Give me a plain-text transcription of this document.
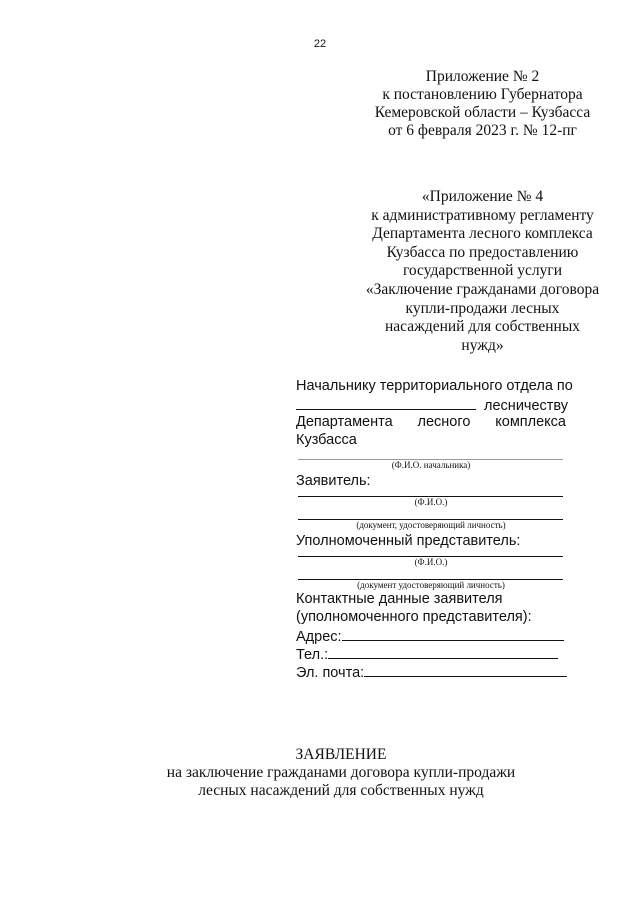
22
Приложение № 2
к постановлению Губернатора
Кемеровской области – Кузбасса
от 6 февраля 2023 г. № 12-пг
«Приложение № 4
к административному регламенту
Департамента лесного комплекса
Кузбасса по предоставлению
государственной услуги
«Заключение гражданами договора
купли-продажи лесных
насаждений для собственных
нужд»
Начальнику территориального отдела по
лесничеству
Департамента лесного комплекса
Кузбасса
(Ф.И.О. начальника)
Заявитель:
(Ф.И.О.)
(документ, удостоверяющий личность)
Уполномоченный представитель:
(Ф.И.О.)
(документ удостоверяющий личность)
Контактные данные заявителя
(уполномоченного представителя):
Адрес:
Тел.:
Эл. почта:
ЗАЯВЛЕНИЕ
на заключение гражданами договора купли-продажи
лесных насаждений для собственных нужд
